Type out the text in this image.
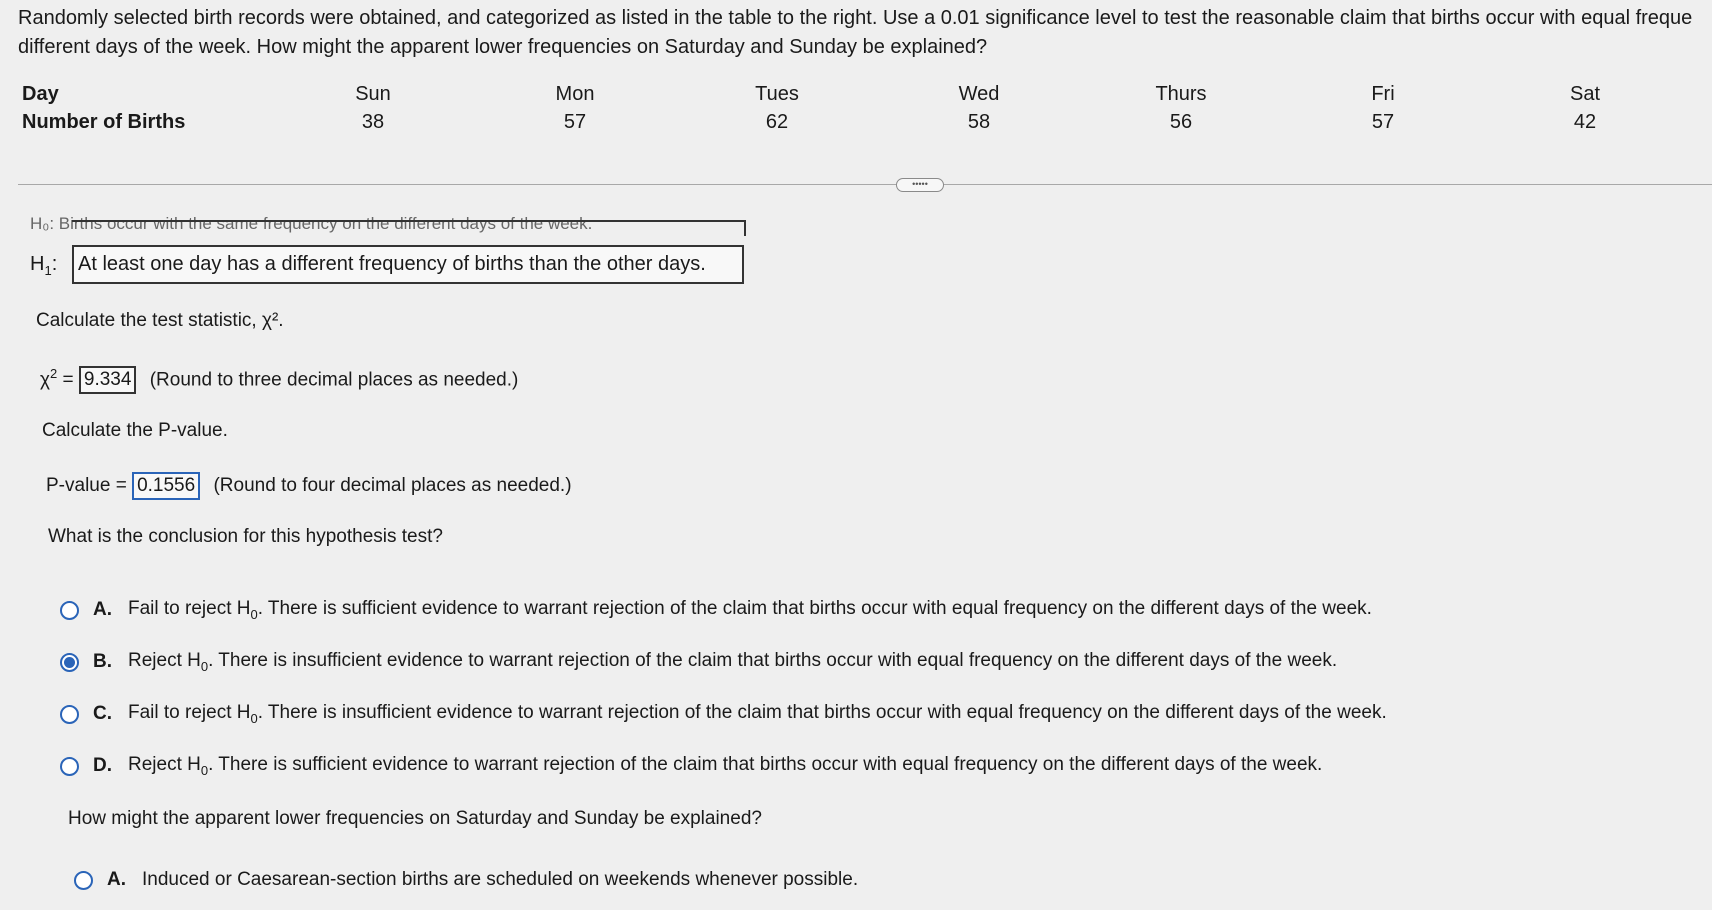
Randomly selected birth records were obtained, and categorized as listed in the table to the right. Use a 0.01 significance level to test the reasonable claim that births occur with equal freque
different days of the week. How might the apparent lower frequencies on Saturday and Sunday be explained?
Day	Sun	Mon	Tues	Wed	Thurs	Fri	Sat
Number of Births	38	57	62	58	56	57	42
•••••
H₀: Births occur with the same frequency on the different days of the week.
$H_1$: At least one day has a different frequency of births than the other days.
Calculate the test statistic, χ².
$\chi^2 = 9.334$ (Round to three decimal places as needed.)
Calculate the P-value.
P-value = 0.1556 (Round to four decimal places as needed.)
What is the conclusion for this hypothesis test?
A. Fail to reject $H_0$. There is sufficient evidence to warrant rejection of the claim that births occur with equal frequency on the different days of the week.
B. Reject $H_0$. There is insufficient evidence to warrant rejection of the claim that births occur with equal frequency on the different days of the week.
C. Fail to reject $H_0$. There is insufficient evidence to warrant rejection of the claim that births occur with equal frequency on the different days of the week.
D. Reject $H_0$. There is sufficient evidence to warrant rejection of the claim that births occur with equal frequency on the different days of the week.
How might the apparent lower frequencies on Saturday and Sunday be explained?
A. Induced or Caesarean-section births are scheduled on weekends whenever possible.
